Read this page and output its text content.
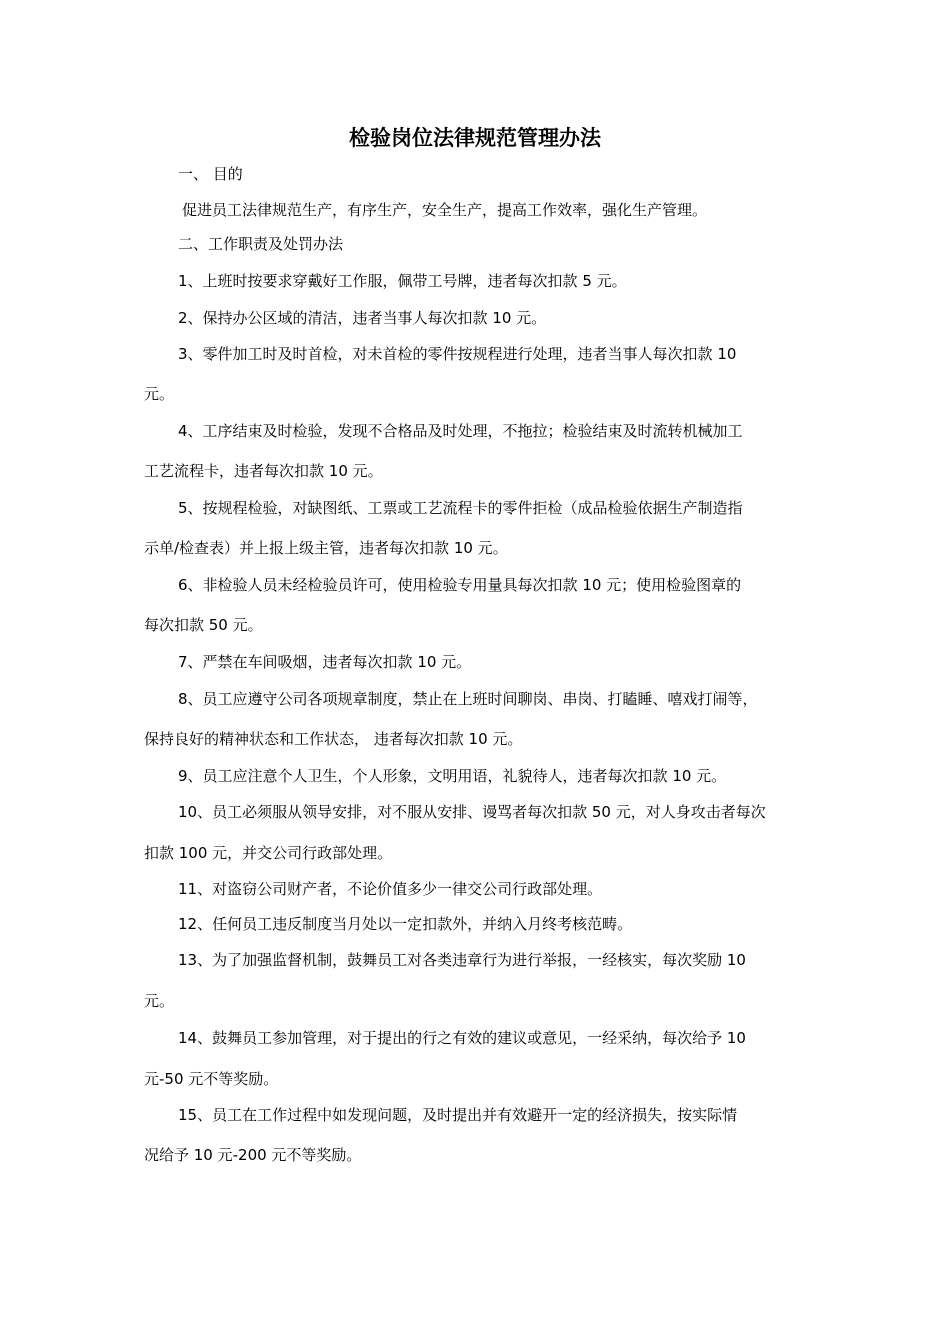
检验岗位法律规范管理办法
一、 目的
促进员工法律规范生产，有序生产，安全生产，提高工作效率，强化生产管理。
二、工作职责及处罚办法
1、上班时按要求穿戴好工作服，佩带工号牌，违者每次扣款 5 元。
2、保持办公区域的清洁，违者当事人每次扣款 10 元。
3、零件加工时及时首检，对未首检的零件按规程进行处理，违者当事人每次扣款 10
元。
4、工序结束及时检验，发现不合格品及时处理，不拖拉；检验结束及时流转机械加工
工艺流程卡，违者每次扣款 10 元。
5、按规程检验，对缺图纸、工票或工艺流程卡的零件拒检（成品检验依据生产制造指
示单/检查表）并上报上级主管，违者每次扣款 10 元。
6、非检验人员未经检验员许可，使用检验专用量具每次扣款 10 元；使用检验图章的
每次扣款 50 元。
7、严禁在车间吸烟，违者每次扣款 10 元。
8、员工应遵守公司各项规章制度，禁止在上班时间聊岗、串岗、打瞌睡、嘻戏打闹等，
保持良好的精神状态和工作状态， 违者每次扣款 10 元。
9、员工应注意个人卫生，个人形象，文明用语，礼貌待人，违者每次扣款 10 元。
10、员工必须服从领导安排，对不服从安排、谩骂者每次扣款 50 元，对人身攻击者每次
扣款 100 元，并交公司行政部处理。
11、对盗窃公司财产者，不论价值多少一律交公司行政部处理。
12、任何员工违反制度当月处以一定扣款外，并纳入月终考核范畴。
13、为了加强监督机制，鼓舞员工对各类违章行为进行举报，一经核实，每次奖励 10
元。
14、鼓舞员工参加管理，对于提出的行之有效的建议或意见，一经采纳，每次给予 10
元-50 元不等奖励。
15、员工在工作过程中如发现问题，及时提出并有效避开一定的经济损失，按实际情
况给予 10 元-200 元不等奖励。
